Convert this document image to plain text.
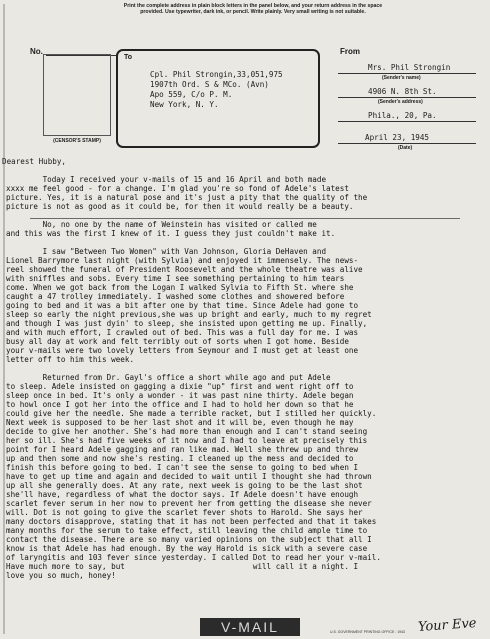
Print the complete address in plain block letters in the panel below, and your return address in the space
provided. Use typewriter, dark ink, or pencil. Write plainly. Very small writing is not suitable.
No.	From
Mrs. Phil Strongin
(Sender's name)
4906 N. 8th St.
(Sender's address)
Phila., 20, Pa.
April 23, 1945
(Date)
(CENSOR'S STAMP)
To
Cpl. Phil Strongin,33,051,975
1907th Ord. S & MCo. (Avn)
Apo 559, C/o P. M.
New York, N. Y.
Dearest Hubby,
Today I received your v-mails of 15 and 16 April and both made
xxxx me feel good - for a change. I'm glad you're so fond of Adele's latest
picture. Yes, it is a natural pose and it's just a pity that the quality of the
picture is not as good as it could be, for then it would really be a beauty.
No, no one by the name of Weinstein has visited or called me
and this was the first I knew of it. I guess they just couldn't make it.
I saw "Between Two Women" with Van Johnson, Gloria DeHaven and
Lionel Barrymore last night (with Sylvia) and enjoyed it immensely. The news-
reel showed the funeral of President Roosevelt and the whole theatre was alive
with sniffles and sobs. Every time I see something pertaining to him tears
come. When we got back from the Logan I walked Sylvia to Fifth St. where she
caught a 47 trolley immediately. I washed some clothes and showered before
going to bed and it was a bit after one by that time. Since Adele had gone to
sleep so early the night previous,she was up bright and early, much to my regret
and though I was just dyin' to sleep, she insisted upon getting me up. Finally,
and with much effort, I crawled out of bed. This was a full day for me. I was
busy all day at work and felt terribly out of sorts when I got home. Beside
your v-mails were two lovely letters from Seymour and I must get at least one
letter off to him this week.
Returned from Dr. Gayl's office a short while ago and put Adele
to sleep. Adele insisted on gagging a dixie "up" first and went right off to
sleep once in bed. It's only a wonder - it was past nine thirty. Adele began
to howl once I got her into the office and I had to hold her down so that he
could give her the needle. She made a terrible racket, but I stilled her quickly.
Next week is supposed to be her last shot and it will be, even though he may
decide to give her another. She's had more than enough and I can't stand seeing
her so ill. She's had five weeks of it now and I had to leave at precisely this
point for I heard Adele gagging and ran like mad. Well she threw up and threw
up and then some and now she's resting. I cleaned up the mess and decided to
finish this before going to bed. I can't see the sense to going to bed when I
have to get up time and again and decided to wait until I thought she had thrown
up all she generally does. At any rate, next week is going to be the last shot
she'll have, regardless of what the doctor says. If Adele doesn't have enough
scarlet fever serum in her now to prevent her from getting the disease she never
will. Dot is not going to give the scarlet fever shots to Harold. She says her
many doctors disapprove, stating that it has not been perfected and that it takes
many months for the serum to take effect, still leaving the child ample time to
contact the disease. There are so many varied opinions on the subject that all I
know is that Adele has had enough. By the way Harold is sick with a severe case
of laryngitis and 103 fever since yesterday. I called Dot to read her your v-mail.
Have much more to say, but                            will call it a night. I
love you so much, honey!
V-MAIL	Your Eve
U.S. GOVERNMENT PRINTING OFFICE : 1943
